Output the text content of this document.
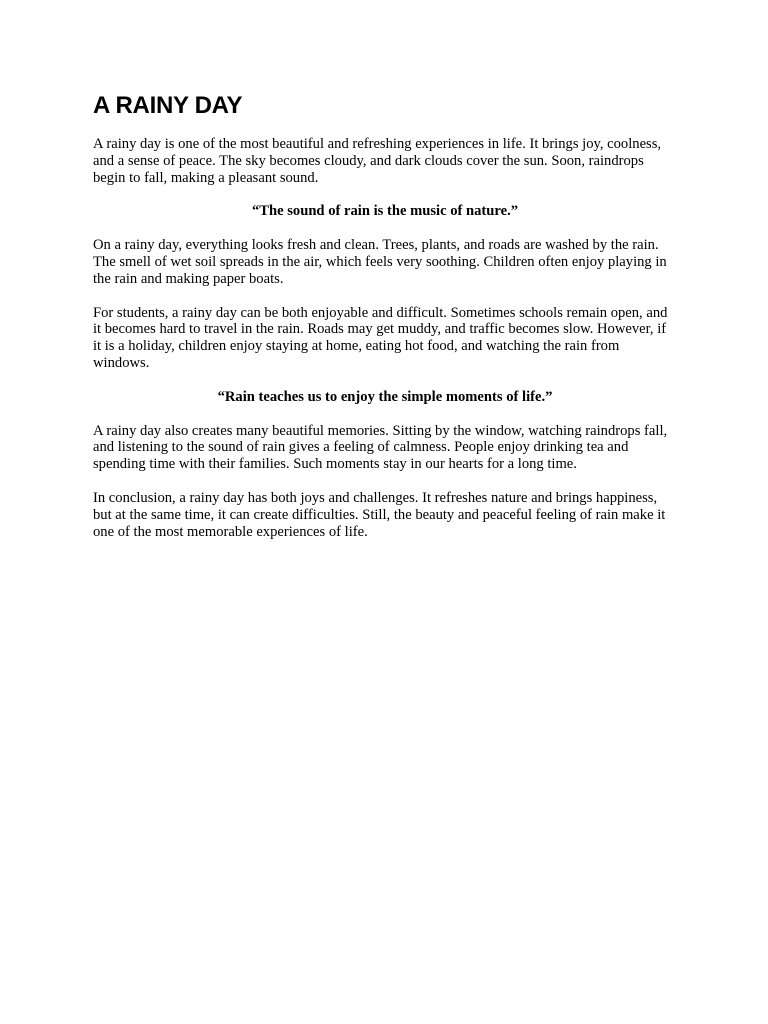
A RAINY DAY

A rainy day is one of the most beautiful and refreshing experiences in life. It brings joy, coolness, and a sense of peace. The sky becomes cloudy, and dark clouds cover the sun. Soon, raindrops begin to fall, making a pleasant sound.

“The sound of rain is the music of nature.”

On a rainy day, everything looks fresh and clean. Trees, plants, and roads are washed by the rain. The smell of wet soil spreads in the air, which feels very soothing. Children often enjoy playing in the rain and making paper boats.

For students, a rainy day can be both enjoyable and difficult. Sometimes schools remain open, and it becomes hard to travel in the rain. Roads may get muddy, and traffic becomes slow. However, if it is a holiday, children enjoy staying at home, eating hot food, and watching the rain from windows.

“Rain teaches us to enjoy the simple moments of life.”

A rainy day also creates many beautiful memories. Sitting by the window, watching raindrops fall, and listening to the sound of rain gives a feeling of calmness. People enjoy drinking tea and spending time with their families. Such moments stay in our hearts for a long time.

In conclusion, a rainy day has both joys and challenges. It refreshes nature and brings happiness, but at the same time, it can create difficulties. Still, the beauty and peaceful feeling of rain make it one of the most memorable experiences of life.
